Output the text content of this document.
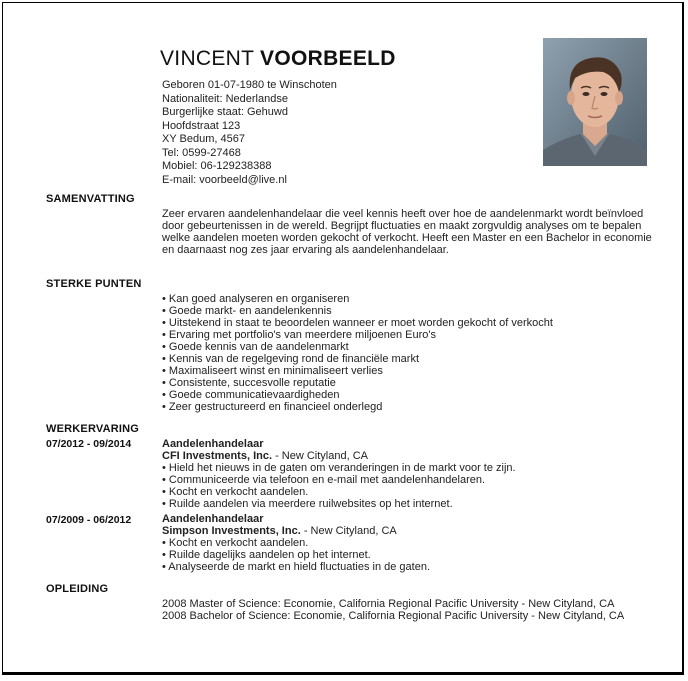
VINCENT VOORBEELD
Geboren 01-07-1980 te Winschoten
Nationaliteit: Nederlandse
Burgerlijke staat: Gehuwd
Hoofdstraat 123
XY Bedum, 4567
Tel: 0599-27468
Mobiel: 06-129238388
E-mail: voorbeeld@live.nl
SAMENVATTING
Zeer ervaren aandelenhandelaar die veel kennis heeft over hoe de aandelenmarkt wordt beïnvloed door gebeurtenissen in de wereld. Begrijpt fluctuaties en maakt zorgvuldig analyses om te bepalen welke aandelen moeten worden gekocht of verkocht. Heeft een Master en een Bachelor in economie en daarnaast nog zes jaar ervaring als aandelenhandelaar.
STERKE PUNTEN
• Kan goed analyseren en organiseren
• Goede markt- en aandelenkennis
• Uitstekend in staat te beoordelen wanneer er moet worden gekocht of verkocht
• Ervaring met portfolio's van meerdere miljoenen Euro's
• Goede kennis van de aandelenmarkt
• Kennis van de regelgeving rond de financiële markt
• Maximaliseert winst en minimaliseert verlies
• Consistente, succesvolle reputatie
• Goede communicatievaardigheden
• Zeer gestructureerd en financieel onderlegd
WERKERVARING
07/2012 - 09/2014	Aandelenhandelaar
CFI Investments, Inc. - New Cityland, CA
• Hield het nieuws in de gaten om veranderingen in de markt voor te zijn.
• Communiceerde via telefoon en e-mail met aandelenhandelaren.
• Kocht en verkocht aandelen.
• Ruilde aandelen via meerdere ruilwebsites op het internet.
07/2009 - 06/2012	Aandelenhandelaar
Simpson Investments, Inc. - New Cityland, CA
• Kocht en verkocht aandelen.
• Ruilde dagelijks aandelen op het internet.
• Analyseerde de markt en hield fluctuaties in de gaten.
OPLEIDING
2008 Master of Science: Economie, California Regional Pacific University - New Cityland, CA
2008 Bachelor of Science: Economie, California Regional Pacific University - New Cityland, CA
